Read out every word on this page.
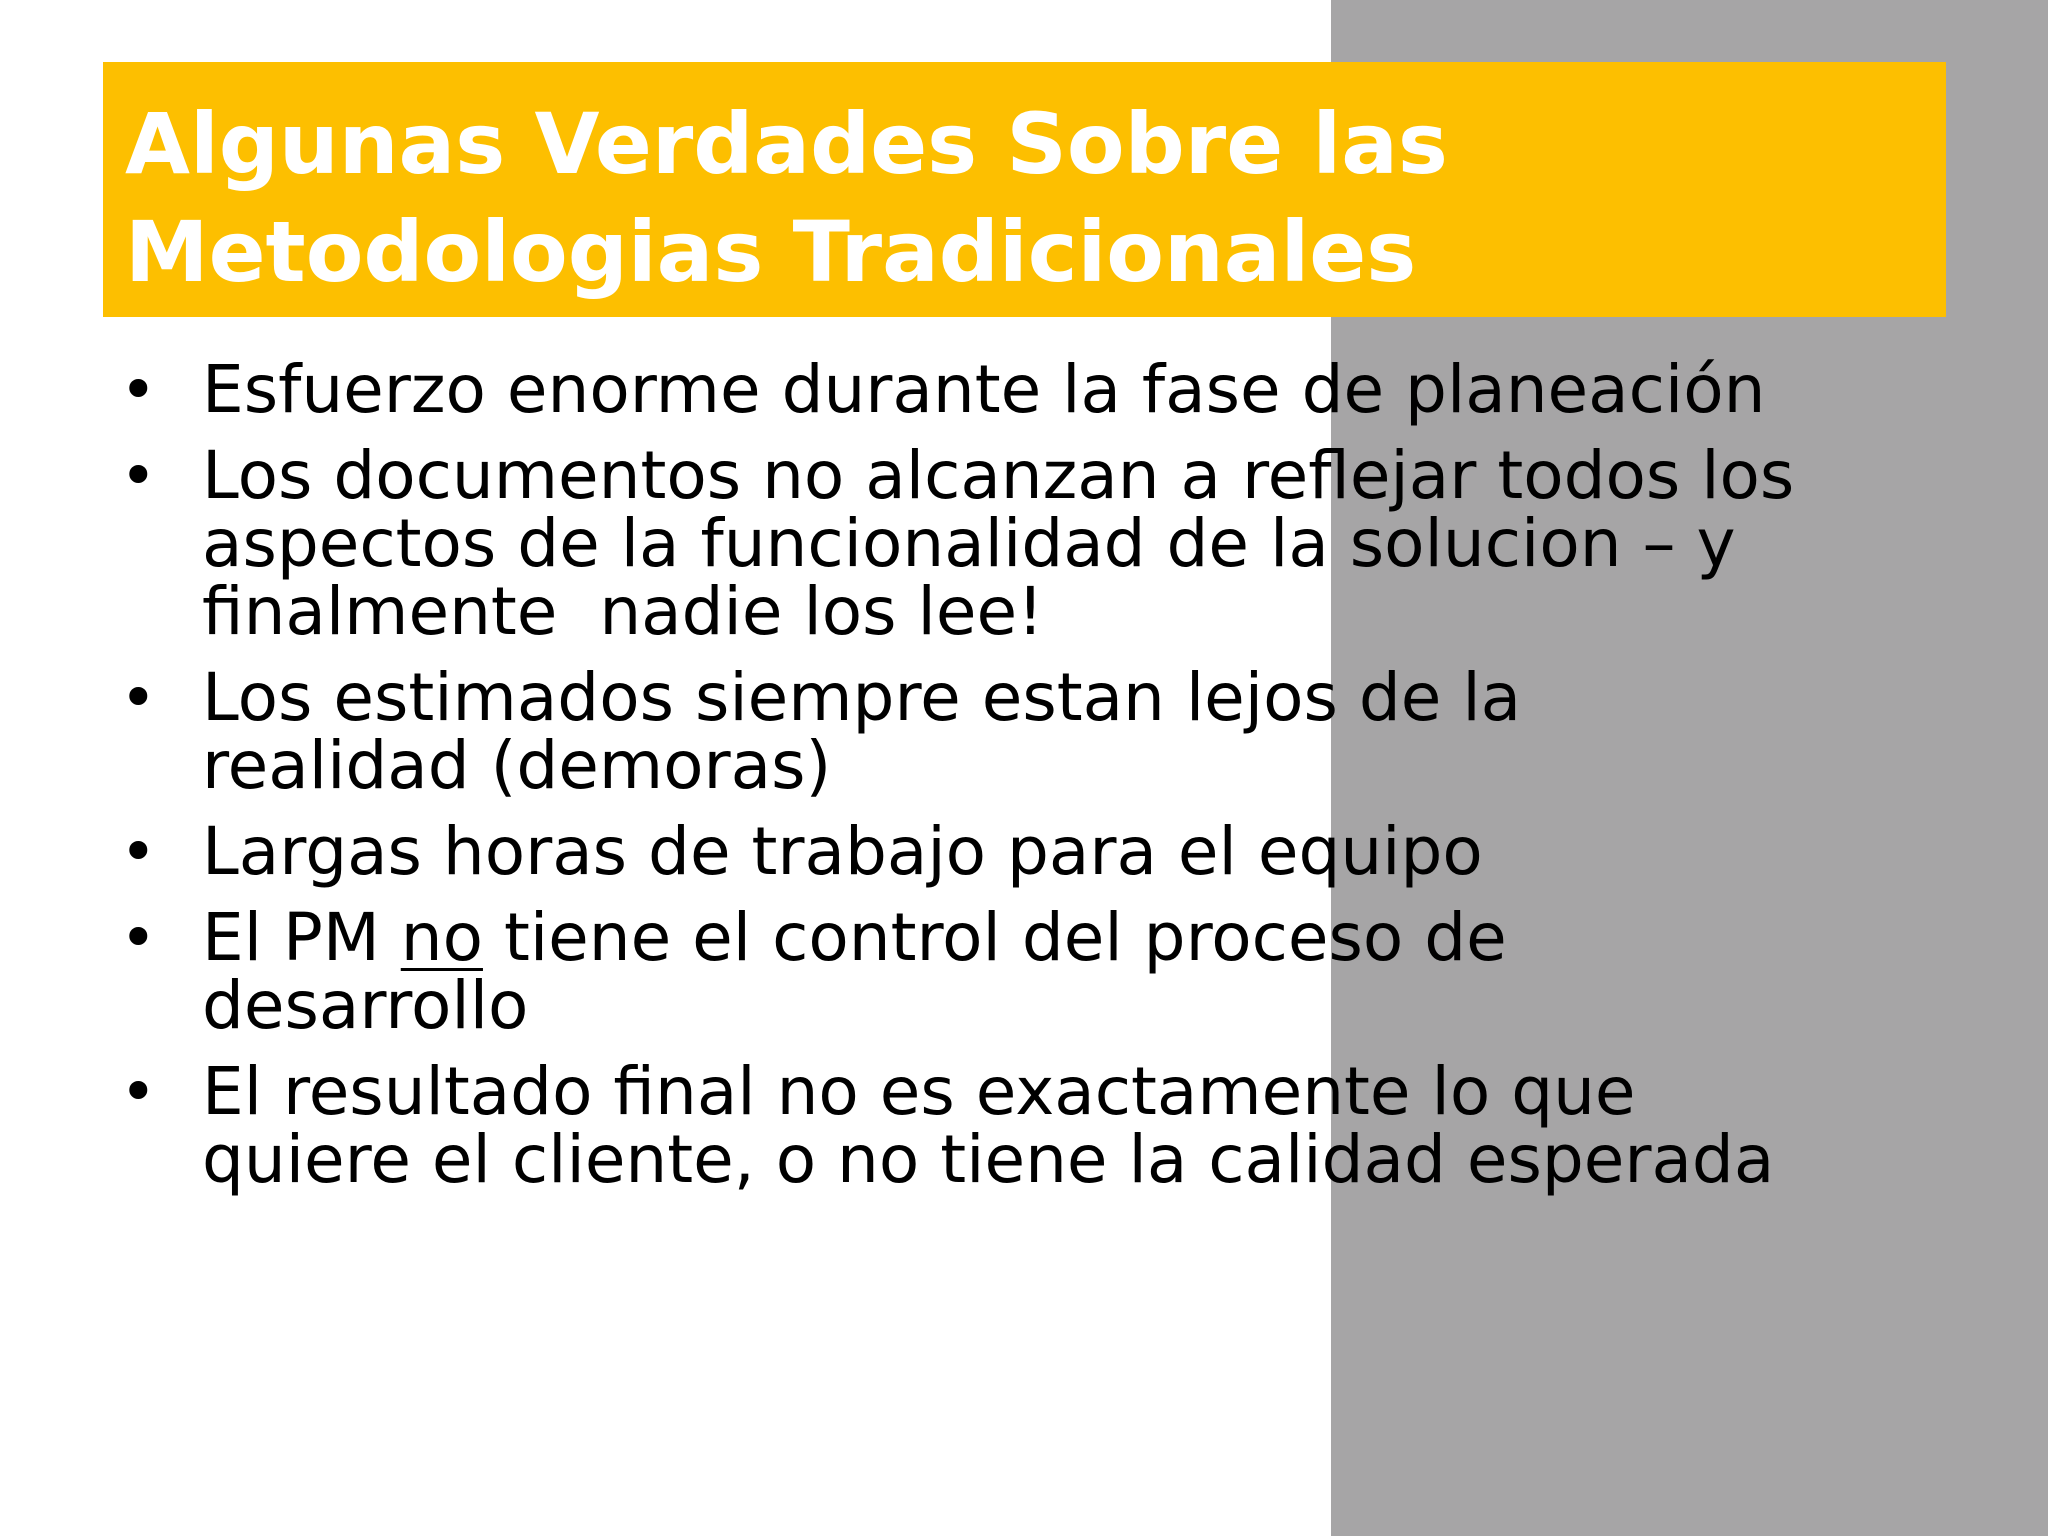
Algunas Verdades Sobre las
Metodologias Tradicionales
• Esfuerzo enorme durante la fase de planeación
• Los documentos no alcanzan a reflejar todos los
aspectos de la funcionalidad de la solucion – y
finalmente  nadie los lee!
• Los estimados siempre estan lejos de la
realidad (demoras)
• Largas horas de trabajo para el equipo
• El PM no tiene el control del proceso de
desarrollo
• El resultado final no es exactamente lo que
quiere el cliente, o no tiene la calidad esperada
